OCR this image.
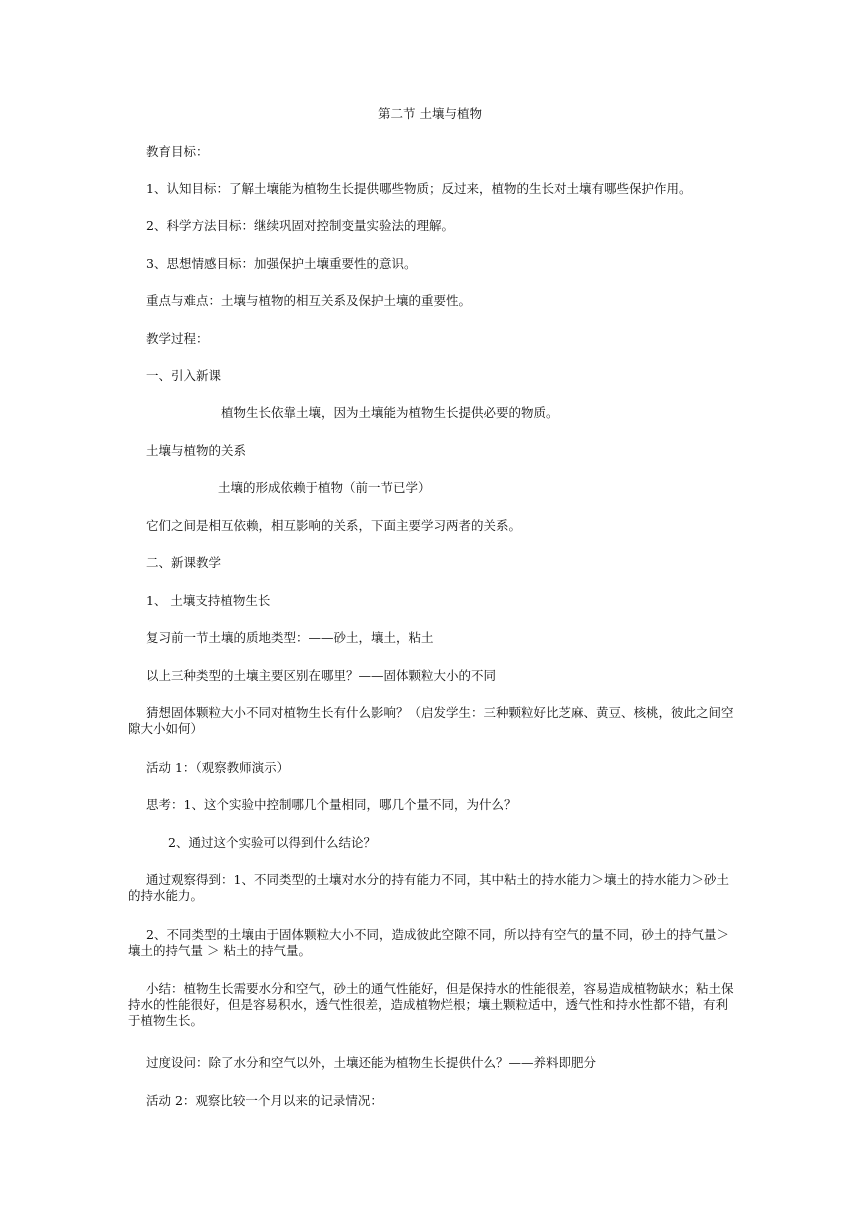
第二节 土壤与植物
教育目标：
1、认知目标：了解土壤能为植物生长提供哪些物质；反过来，植物的生长对土壤有哪些保护作用。
2、科学方法目标：继续巩固对控制变量实验法的理解。
3、思想情感目标：加强保护土壤重要性的意识。
重点与难点：土壤与植物的相互关系及保护土壤的重要性。
教学过程：
一、引入新课
植物生长依靠土壤，因为土壤能为植物生长提供必要的物质。
土壤与植物的关系
土壤的形成依赖于植物（前一节已学）
它们之间是相互依赖，相互影响的关系，下面主要学习两者的关系。
二、新课教学
1、 土壤支持植物生长
复习前一节土壤的质地类型：——砂土，壤土，粘土
以上三种类型的土壤主要区别在哪里？——固体颗粒大小的不同
猜想固体颗粒大小不同对植物生长有什么影响？（启发学生：三种颗粒好比芝麻、黄豆、核桃，彼此之间空隙大小如何）
活动 1：（观察教师演示）
思考：1、这个实验中控制哪几个量相同，哪几个量不同，为什么？
2、通过这个实验可以得到什么结论？
通过观察得到：1、不同类型的土壤对水分的持有能力不同，其中粘土的持水能力＞壤土的持水能力＞砂土的持水能力。
2、不同类型的土壤由于固体颗粒大小不同，造成彼此空隙不同，所以持有空气的量不同，砂土的持气量＞ 壤土的持气量 ＞ 粘土的持气量。
小结：植物生长需要水分和空气，砂土的通气性能好，但是保持水的性能很差，容易造成植物缺水；粘土保持水的性能很好，但是容易积水，透气性很差，造成植物烂根；壤土颗粒适中，透气性和持水性都不错，有利于植物生长。
过度设问：除了水分和空气以外，土壤还能为植物生长提供什么？——养料即肥分
活动 2：观察比较一个月以来的记录情况：
